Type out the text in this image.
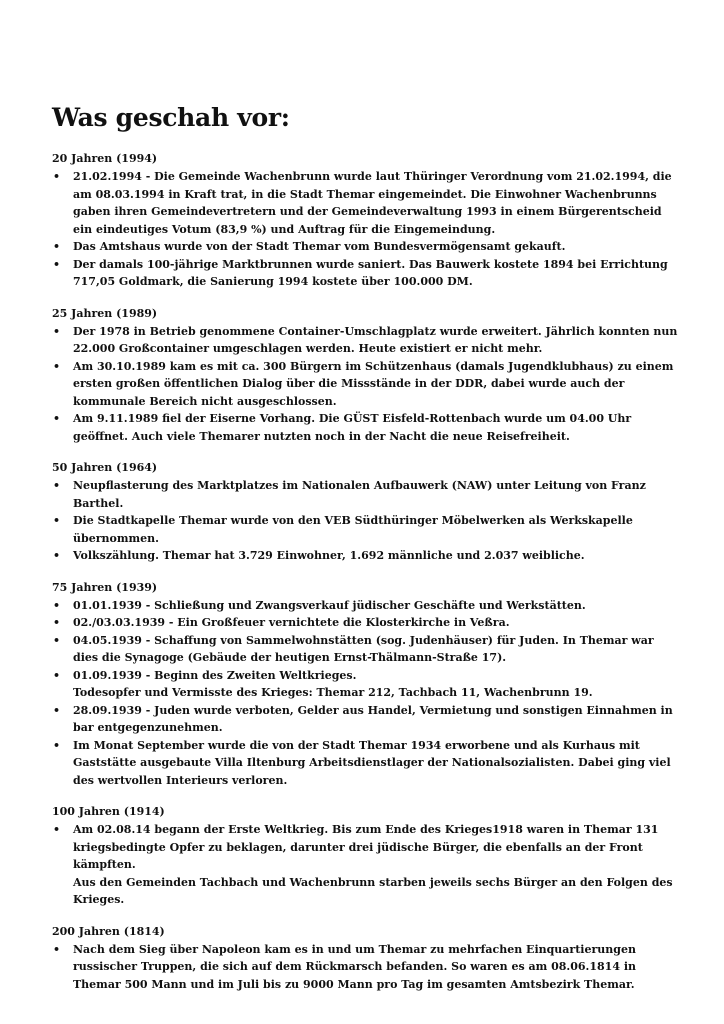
Was geschah vor:
20 Jahren (1994)
• 21.02.1994 - Die Gemeinde Wachenbrunn wurde laut Thüringer Verordnung vom 21.02.1994, die am 08.03.1994 in Kraft trat, in die Stadt Themar eingemeindet. Die Einwohner Wachenbrunns gaben ihren Gemeindevertretern und der Gemeindeverwaltung 1993 in einem Bürgerentscheid ein eindeutiges Votum (83,9 %) und Auftrag für die Eingemeindung.
• Das Amtshaus wurde von der Stadt Themar vom Bundesvermögensamt gekauft.
• Der damals 100-jährige Marktbrunnen wurde saniert. Das Bauwerk kostete 1894 bei Errichtung 717,05 Goldmark, die Sanierung 1994 kostete über 100.000 DM.
25 Jahren (1989)
• Der 1978 in Betrieb genommene Container-Umschlagplatz wurde erweitert. Jährlich konnten nun 22.000 Großcontainer umgeschlagen werden. Heute existiert er nicht mehr.
• Am 30.10.1989 kam es mit ca. 300 Bürgern im Schützenhaus (damals Jugendklubhaus) zu einem ersten großen öffentlichen Dialog über die Missstände in der DDR, dabei wurde auch der kommunale Bereich nicht ausgeschlossen.
• Am 9.11.1989 fiel der Eiserne Vorhang. Die GÜST Eisfeld-Rottenbach wurde um 04.00 Uhr geöffnet. Auch viele Themarer nutzten noch in der Nacht die neue Reisefreiheit.
50 Jahren (1964)
• Neupflasterung des Marktplatzes im Nationalen Aufbauwerk (NAW) unter Leitung von Franz Barthel.
• Die Stadtkapelle Themar wurde von den VEB Südthüringer Möbelwerken als Werkskapelle übernommen.
• Volkszählung. Themar hat 3.729 Einwohner, 1.692 männliche und 2.037 weibliche.
75 Jahren (1939)
• 01.01.1939 - Schließung und Zwangsverkauf jüdischer Geschäfte und Werkstätten.
• 02./03.03.1939 - Ein Großfeuer vernichtete die Klosterkirche in Veßra.
• 04.05.1939 - Schaffung von Sammelwohnstätten (sog. Judenhäuser) für Juden. In Themar war dies die Synagoge (Gebäude der heutigen Ernst-Thälmann-Straße 17).
• 01.09.1939 - Beginn des Zweiten Weltkrieges.
Todesopfer und Vermisste des Krieges: Themar 212, Tachbach 11, Wachenbrunn 19.
• 28.09.1939 - Juden wurde verboten, Gelder aus Handel, Vermietung und sonstigen Einnahmen in bar entgegenzunehmen.
• Im Monat September wurde die von der Stadt Themar 1934 erworbene und als Kurhaus mit Gaststätte ausgebaute Villa Iltenburg Arbeitsdienstlager der Nationalsozialisten. Dabei ging viel des wertvollen Interieurs verloren.
100 Jahren (1914)
• Am 02.08.14 begann der Erste Weltkrieg. Bis zum Ende des Krieges1918 waren in Themar 131 kriegsbedingte Opfer zu beklagen, darunter drei jüdische Bürger, die ebenfalls an der Front kämpften.
Aus den Gemeinden Tachbach und Wachenbrunn starben jeweils sechs Bürger an den Folgen des Krieges.
200 Jahren (1814)
• Nach dem Sieg über Napoleon kam es in und um Themar zu mehrfachen Einquartierungen russischer Truppen, die sich auf dem Rückmarsch befanden. So waren es am 08.06.1814 in Themar 500 Mann und im Juli bis zu 9000 Mann pro Tag im gesamten Amtsbezirk Themar.
